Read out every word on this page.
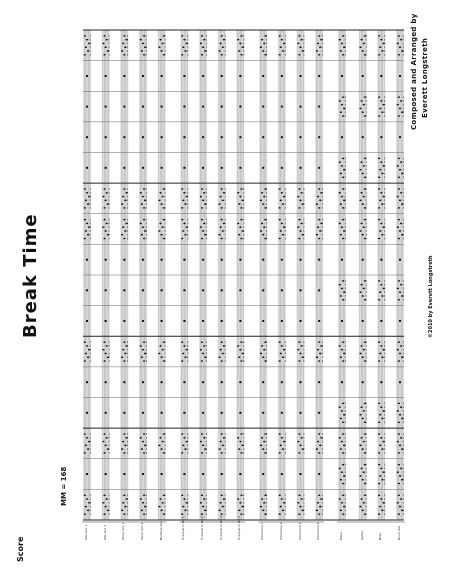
Score
MM = 168
Break Time
Composed and Arranged by Everett Longstreth
©2010 by Everett Longstreth
Alto Sax 1	Alto Sax 2	Tenor Sax 1	Tenor Sax 2	Baritone Sax	Trumpet in Bb 1	Trumpet in Bb 2	Trumpet in Bb 3	Trumpet in Bb 4	Trombone 1	Trombone 2	Trombone 3	Trombone 4	Piano	Guitar	Bass	Drum Set
